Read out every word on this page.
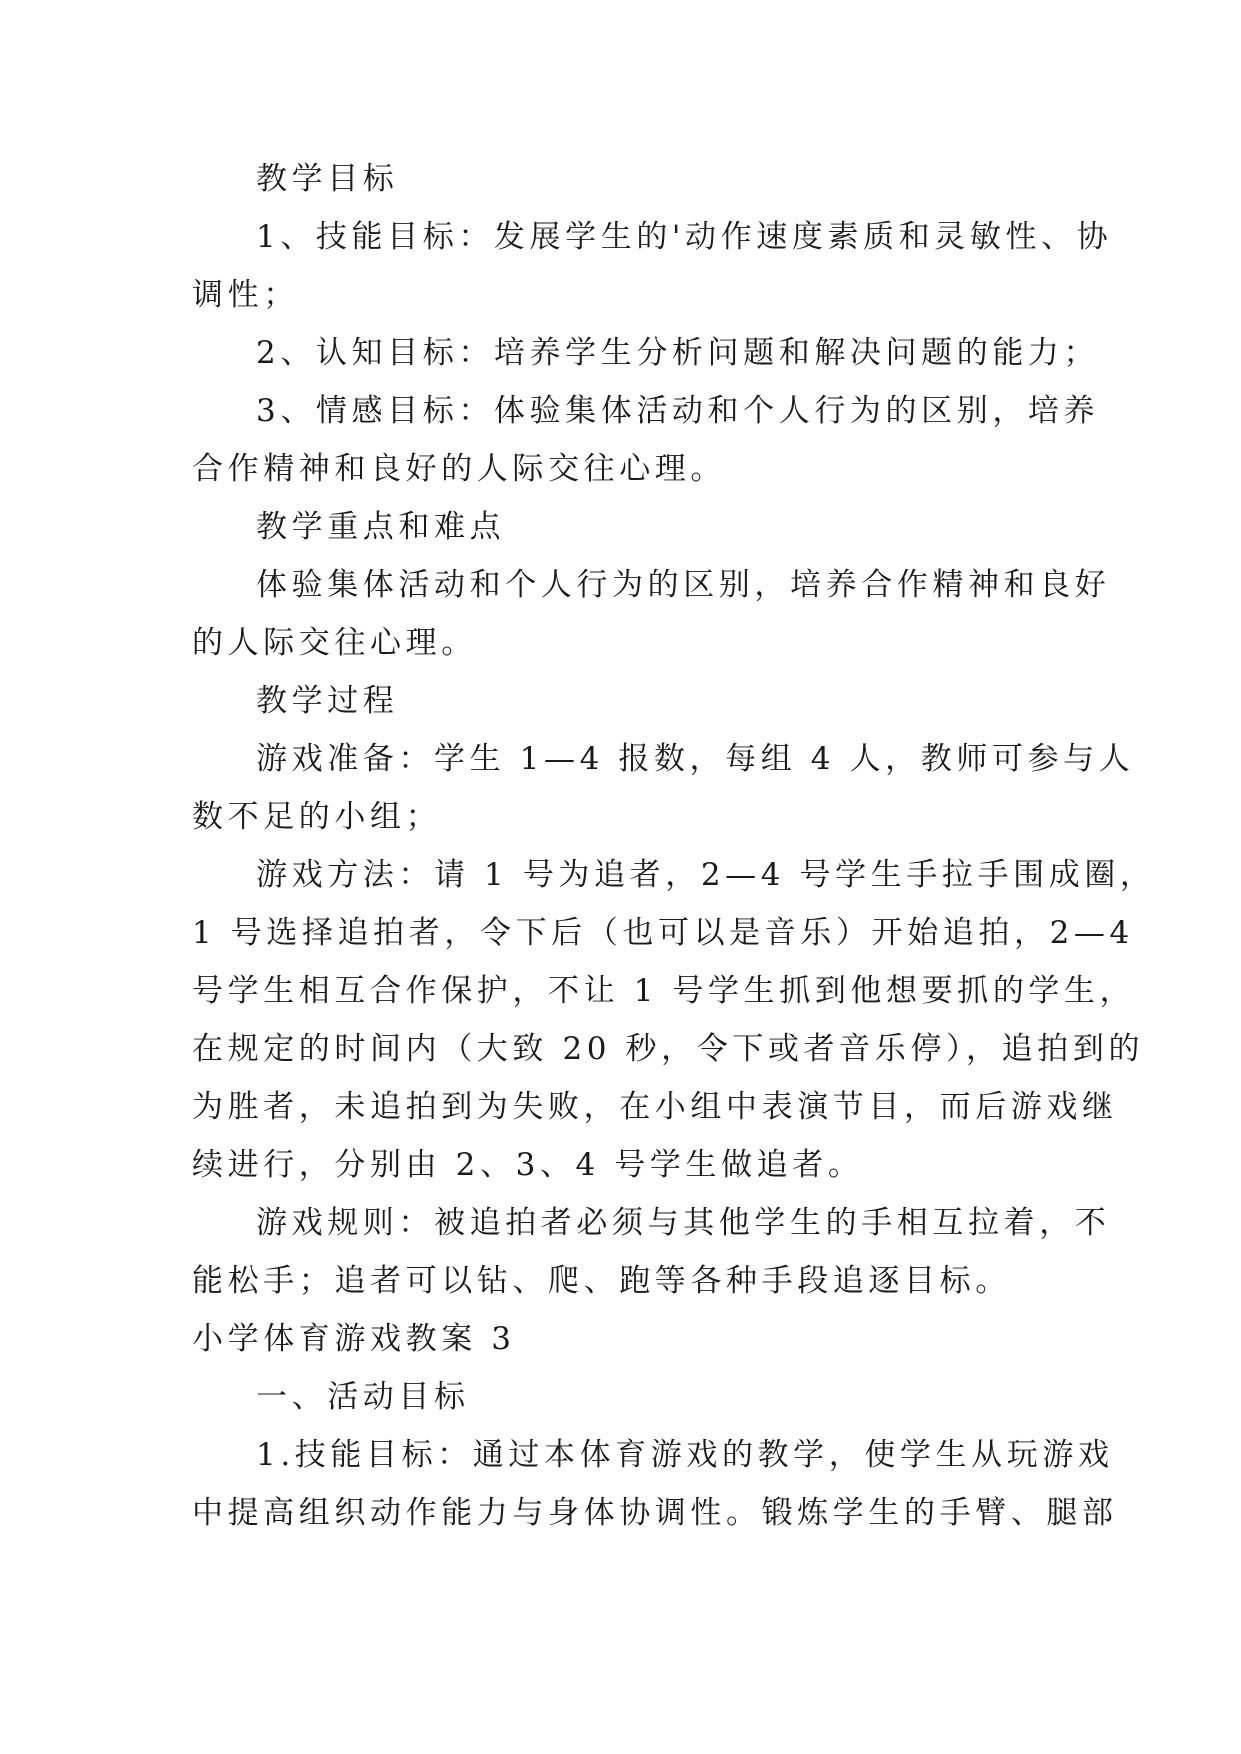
教学目标
1、技能目标：发展学生的'动作速度素质和灵敏性、协
调性；
2、认知目标：培养学生分析问题和解决问题的能力；
3、情感目标：体验集体活动和个人行为的区别，培养
合作精神和良好的人际交往心理。
教学重点和难点
体验集体活动和个人行为的区别，培养合作精神和良好
的人际交往心理。
教学过程
游戏准备：学生 1—4 报数，每组 4 人，教师可参与人
数不足的小组；
游戏方法：请 1 号为追者，2—4 号学生手拉手围成圈，
1 号选择追拍者，令下后（也可以是音乐）开始追拍，2—4
号学生相互合作保护，不让 1 号学生抓到他想要抓的学生，
在规定的时间内（大致 20 秒，令下或者音乐停），追拍到的
为胜者，未追拍到为失败，在小组中表演节目，而后游戏继
续进行，分别由 2、3、4 号学生做追者。
游戏规则：被追拍者必须与其他学生的手相互拉着，不
能松手；追者可以钻、爬、跑等各种手段追逐目标。
小学体育游戏教案 3
一、活动目标
1.技能目标：通过本体育游戏的教学，使学生从玩游戏
中提高组织动作能力与身体协调性。锻炼学生的手臂、腿部
